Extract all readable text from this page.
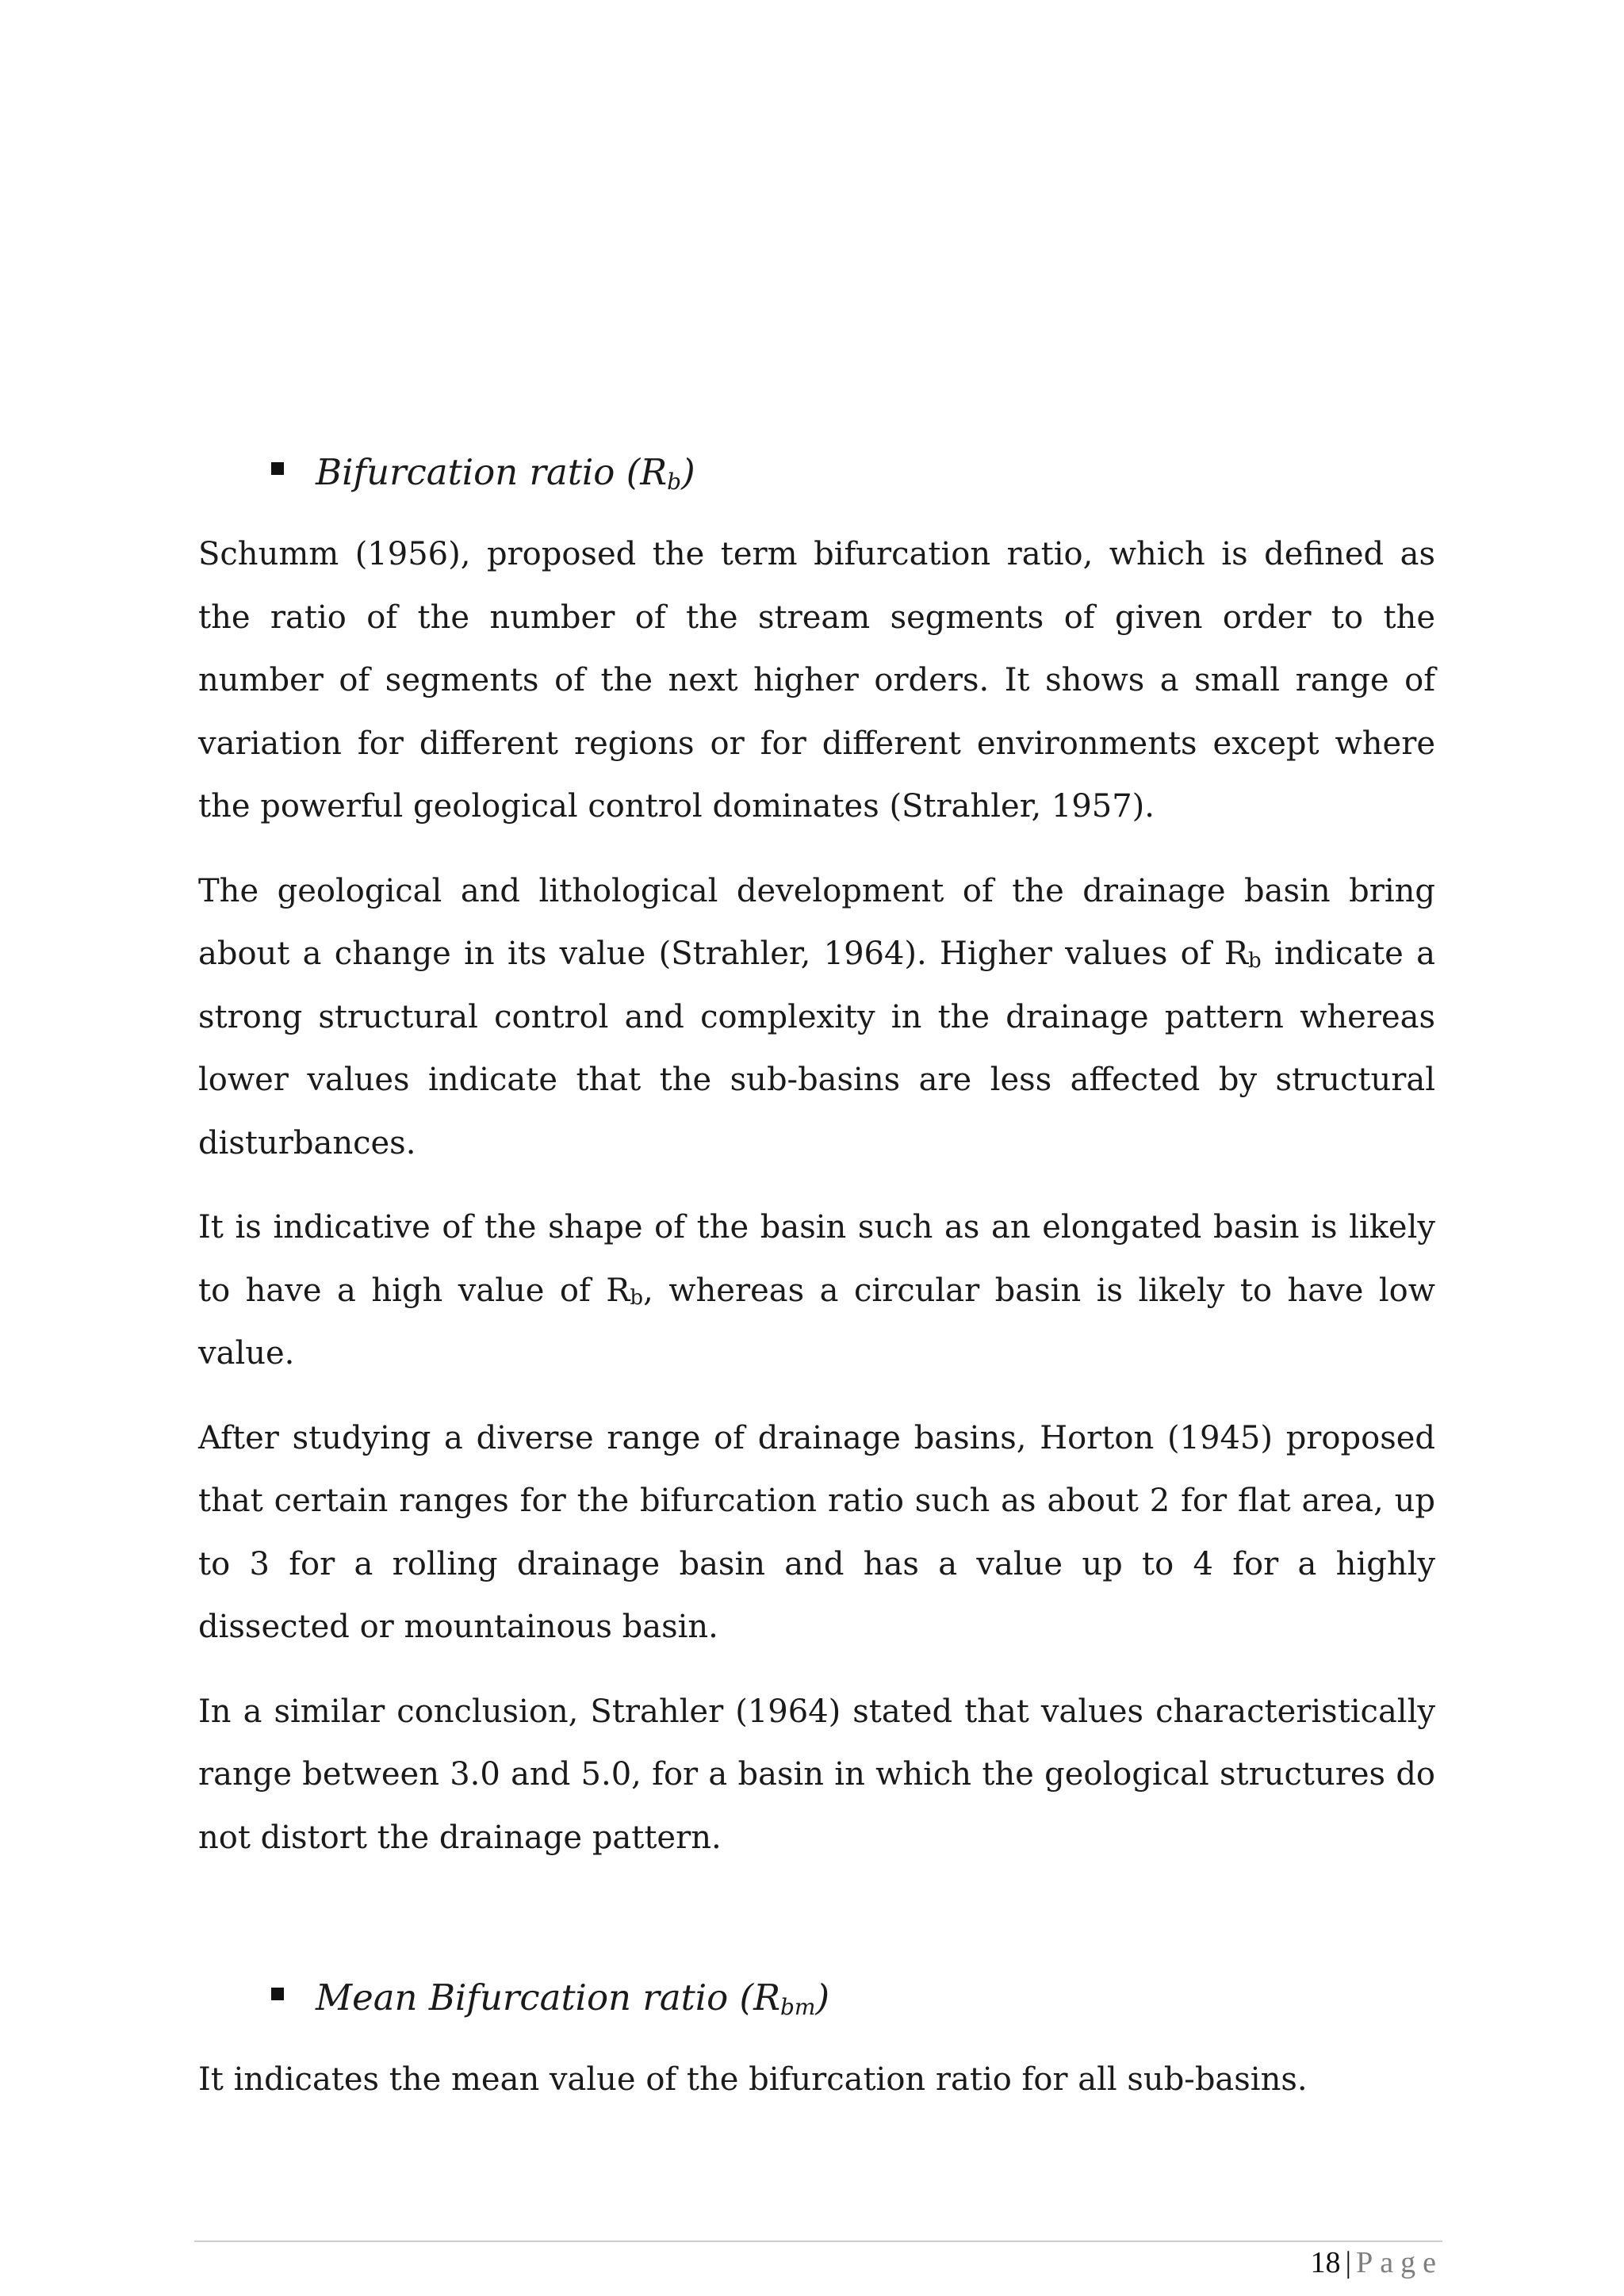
Bifurcation ratio $(R_b)$

Schumm (1956), proposed the term bifurcation ratio, which is defined as the ratio of the number of the stream segments of given order to the number of segments of the next higher orders. It shows a small range of variation for different regions or for different environments except where the powerful geological control dominates (Strahler, 1957).

The geological and lithological development of the drainage basin bring about a change in its value (Strahler, 1964). Higher values of $R_b$ indicate a strong structural control and complexity in the drainage pattern whereas lower values indicate that the sub-basins are less affected by structural disturbances.

It is indicative of the shape of the basin such as an elongated basin is likely to have a high value of $R_b$, whereas a circular basin is likely to have low value.

After studying a diverse range of drainage basins, Horton (1945) proposed that certain ranges for the bifurcation ratio such as about 2 for flat area, up to 3 for a rolling drainage basin and has a value up to 4 for a highly dissected or mountainous basin.

In a similar conclusion, Strahler (1964) stated that values characteristically range between 3.0 and 5.0, for a basin in which the geological structures do not distort the drainage pattern.

Mean Bifurcation ratio $(R_{bm})$

It indicates the mean value of the bifurcation ratio for all sub-basins.

18 | Page
